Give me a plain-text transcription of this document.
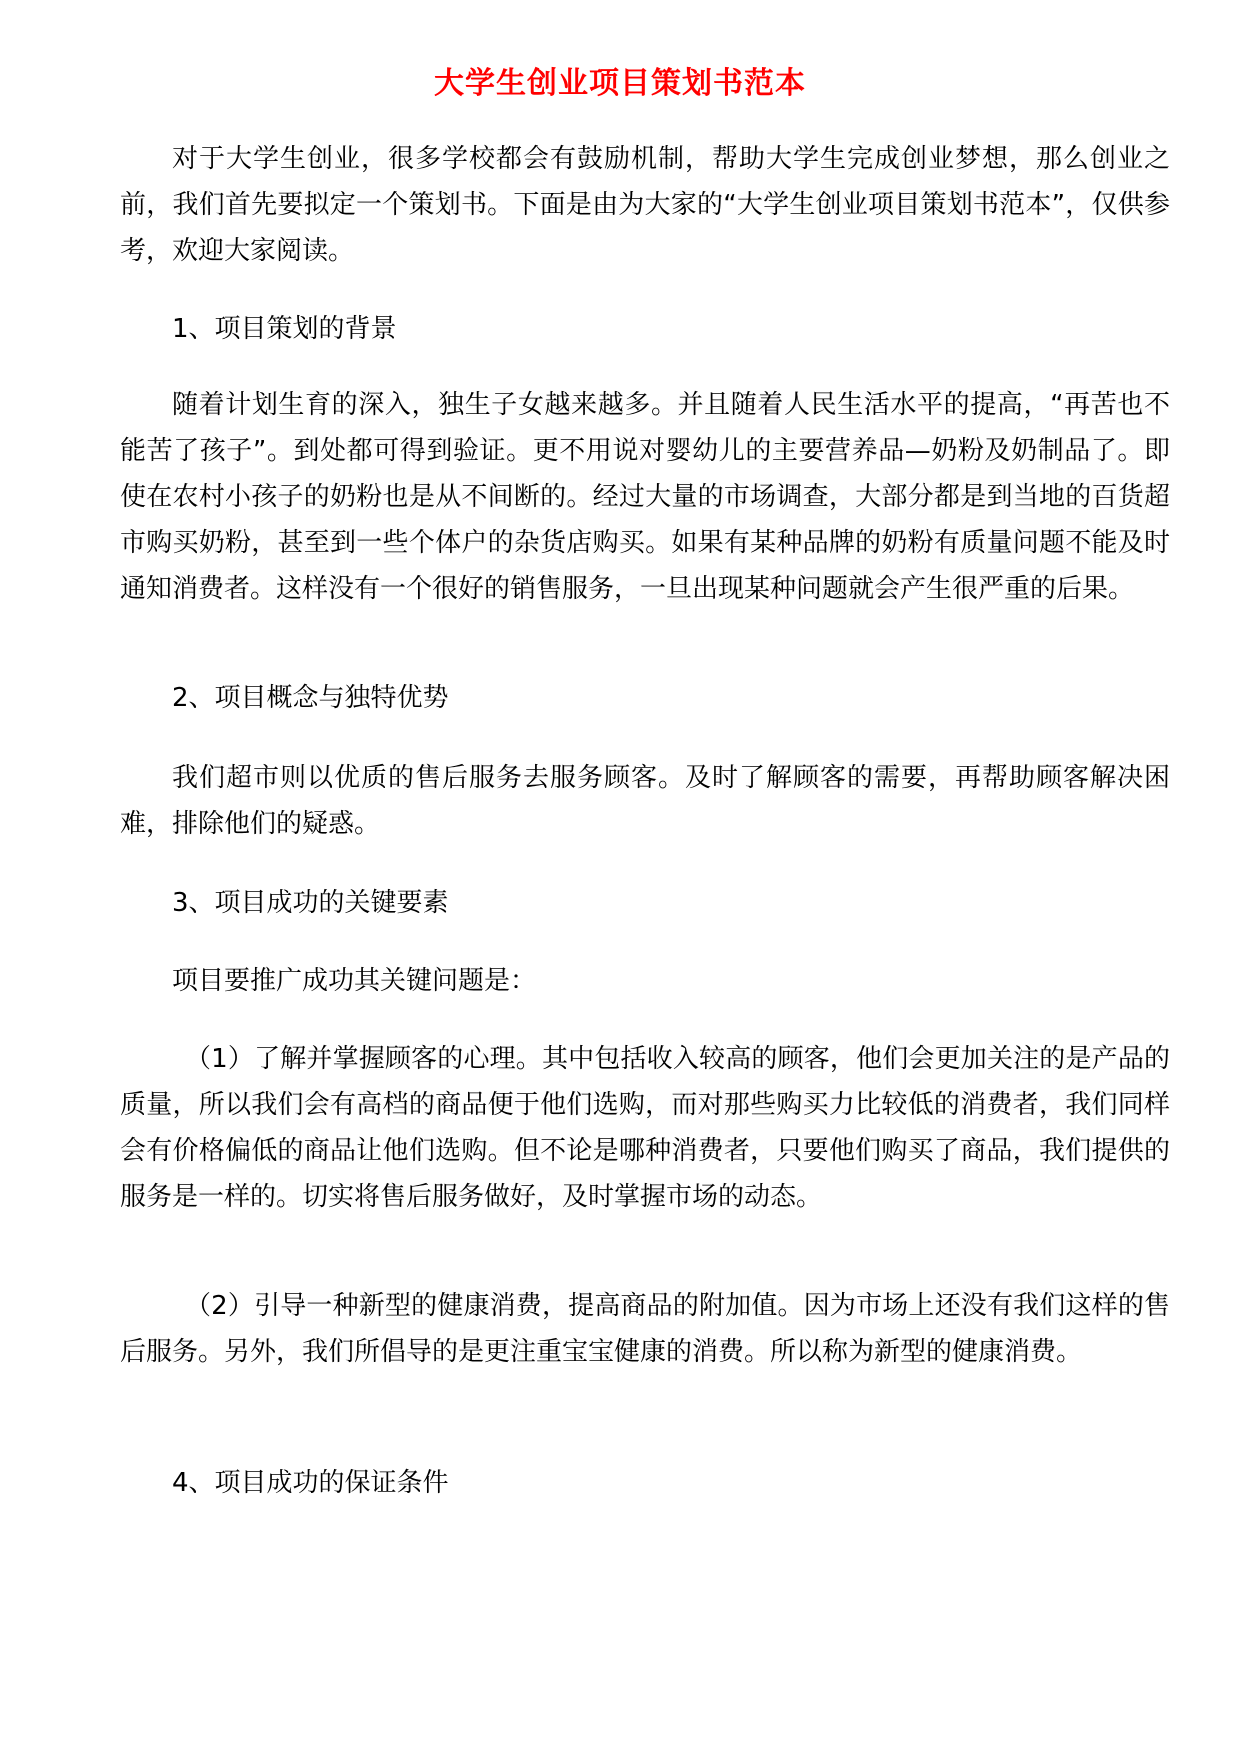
大学生创业项目策划书范本

对于大学生创业，很多学校都会有鼓励机制，帮助大学生完成创业梦想，那么创业之前，我们首先要拟定一个策划书。下面是由为大家的“大学生创业项目策划书范本”，仅供参考，欢迎大家阅读。

1、项目策划的背景

随着计划生育的深入，独生子女越来越多。并且随着人民生活水平的提高，“再苦也不能苦了孩子”。到处都可得到验证。更不用说对婴幼儿的主要营养品—奶粉及奶制品了。即使在农村小孩子的奶粉也是从不间断的。经过大量的市场调查，大部分都是到当地的百货超市购买奶粉，甚至到一些个体户的杂货店购买。如果有某种品牌的奶粉有质量问题不能及时通知消费者。这样没有一个很好的销售服务，一旦出现某种问题就会产生很严重的后果。

2、项目概念与独特优势

我们超市则以优质的售后服务去服务顾客。及时了解顾客的需要，再帮助顾客解决困难，排除他们的疑惑。

3、项目成功的关键要素

项目要推广成功其关键问题是：

（1）了解并掌握顾客的心理。其中包括收入较高的顾客，他们会更加关注的是产品的质量，所以我们会有高档的商品便于他们选购，而对那些购买力比较低的消费者，我们同样会有价格偏低的商品让他们选购。但不论是哪种消费者，只要他们购买了商品，我们提供的服务是一样的。切实将售后服务做好，及时掌握市场的动态。

（2）引导一种新型的健康消费，提高商品的附加值。因为市场上还没有我们这样的售后服务。另外，我们所倡导的是更注重宝宝健康的消费。所以称为新型的健康消费。

4、项目成功的保证条件
